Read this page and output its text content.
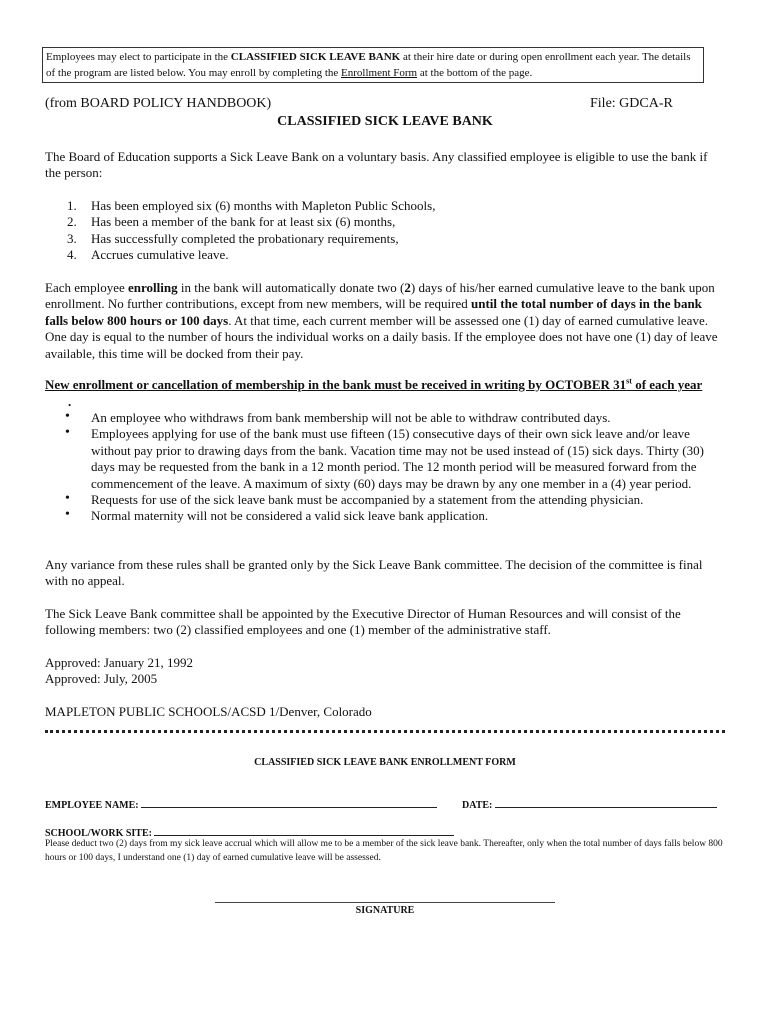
Employees may elect to participate in the CLASSIFIED SICK LEAVE BANK at their hire date or during open enrollment each year. The details of the program are listed below. You may enroll by completing the Enrollment Form at the bottom of the page.
(from BOARD POLICY HANDBOOK)	File: GDCA-R
CLASSIFIED SICK LEAVE BANK
The Board of Education supports a Sick Leave Bank on a voluntary basis. Any classified employee is eligible to use the bank if the person:
1. Has been employed six (6) months with Mapleton Public Schools,
2. Has been a member of the bank for at least six (6) months,
3. Has successfully completed the probationary requirements,
4. Accrues cumulative leave.
Each employee enrolling in the bank will automatically donate two (2) days of his/her earned cumulative leave to the bank upon enrollment. No further contributions, except from new members, will be required until the total number of days in the bank falls below 800 hours or 100 days. At that time, each current member will be assessed one (1) day of earned cumulative leave. One day is equal to the number of hours the individual works on a daily basis. If the employee does not have one (1) day of leave available, this time will be docked from their pay.
New enrollment or cancellation of membership in the bank must be received in writing by OCTOBER 31st of each year
.
• An employee who withdraws from bank membership will not be able to withdraw contributed days.
• Employees applying for use of the bank must use fifteen (15) consecutive days of their own sick leave and/or leave without pay prior to drawing days from the bank. Vacation time may not be used instead of (15) sick days. Thirty (30) days may be requested from the bank in a 12 month period. The 12 month period will be measured forward from the commencement of the leave. A maximum of sixty (60) days may be drawn by any one member in a (4) year period.
• Requests for use of the sick leave bank must be accompanied by a statement from the attending physician.
• Normal maternity will not be considered a valid sick leave bank application.
Any variance from these rules shall be granted only by the Sick Leave Bank committee. The decision of the committee is final with no appeal.
The Sick Leave Bank committee shall be appointed by the Executive Director of Human Resources and will consist of the following members: two (2) classified employees and one (1) member of the administrative staff.
Approved: January 21, 1992
Approved: July, 2005
MAPLETON PUBLIC SCHOOLS/ACSD 1/Denver, Colorado
CLASSIFIED SICK LEAVE BANK ENROLLMENT FORM
EMPLOYEE NAME:	DATE:
SCHOOL/WORK SITE:
Please deduct two (2) days from my sick leave accrual which will allow me to be a member of the sick leave bank. Thereafter, only when the total number of days falls below 800 hours or 100 days, I understand one (1) day of earned cumulative leave will be assessed.
SIGNATURE
